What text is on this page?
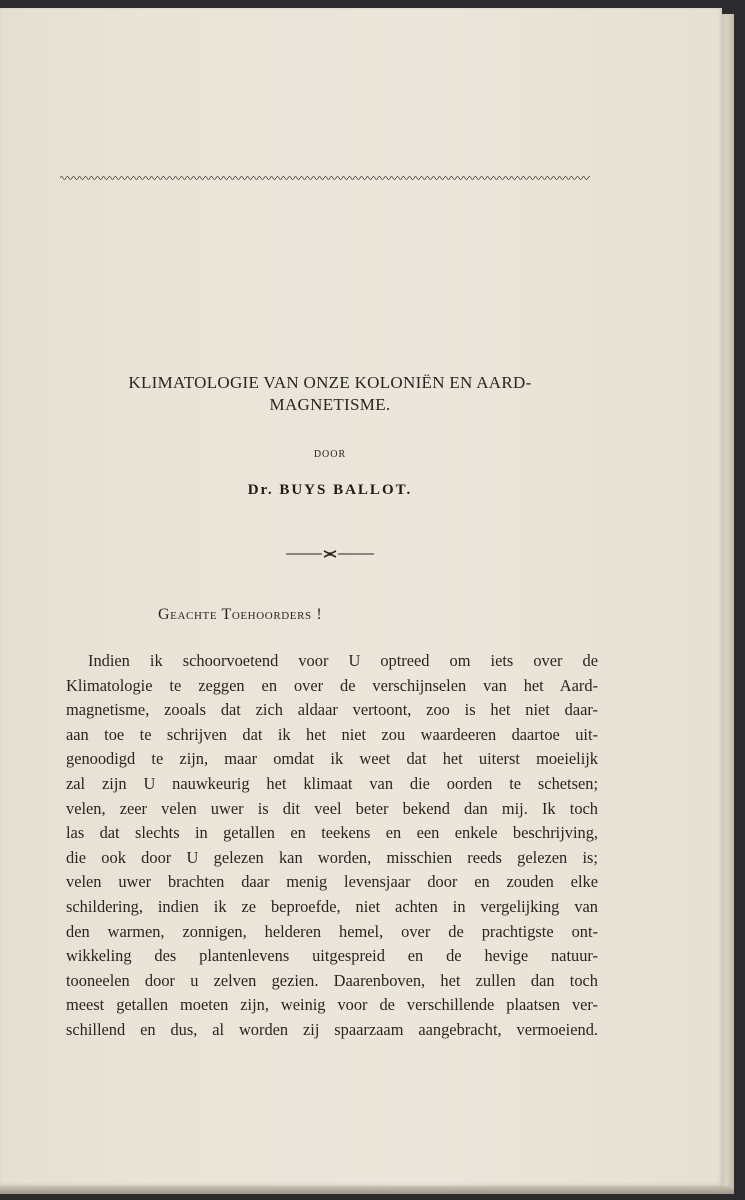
KLIMATOLOGIE VAN ONZE KOLONIËN EN AARD-
MAGNETISME.
DOOR
Dr. BUYS BALLOT.
Geachte Toehoorders !
Indien ik schoorvoetend voor U optreed om iets over de
Klimatologie te zeggen en over de verschijnselen van het Aard-
magnetisme, zooals dat zich aldaar vertoont, zoo is het niet daar-
aan toe te schrijven dat ik het niet zou waardeeren daartoe uit-
genoodigd te zijn, maar omdat ik weet dat het uiterst moeielijk
zal zijn U nauwkeurig het klimaat van die oorden te schetsen;
velen, zeer velen uwer is dit veel beter bekend dan mij. Ik toch
las dat slechts in getallen en teekens en een enkele beschrijving,
die ook door U gelezen kan worden, misschien reeds gelezen is;
velen uwer brachten daar menig levensjaar door en zouden elke
schildering, indien ik ze beproefde, niet achten in vergelijking van
den warmen, zonnigen, helderen hemel, over de prachtigste ont-
wikkeling des plantenlevens uitgespreid en de hevige natuur-
tooneelen door u zelven gezien. Daarenboven, het zullen dan toch
meest getallen moeten zijn, weinig voor de verschillende plaatsen ver-
schillend en dus, al worden zij spaarzaam aangebracht, vermoeiend.
